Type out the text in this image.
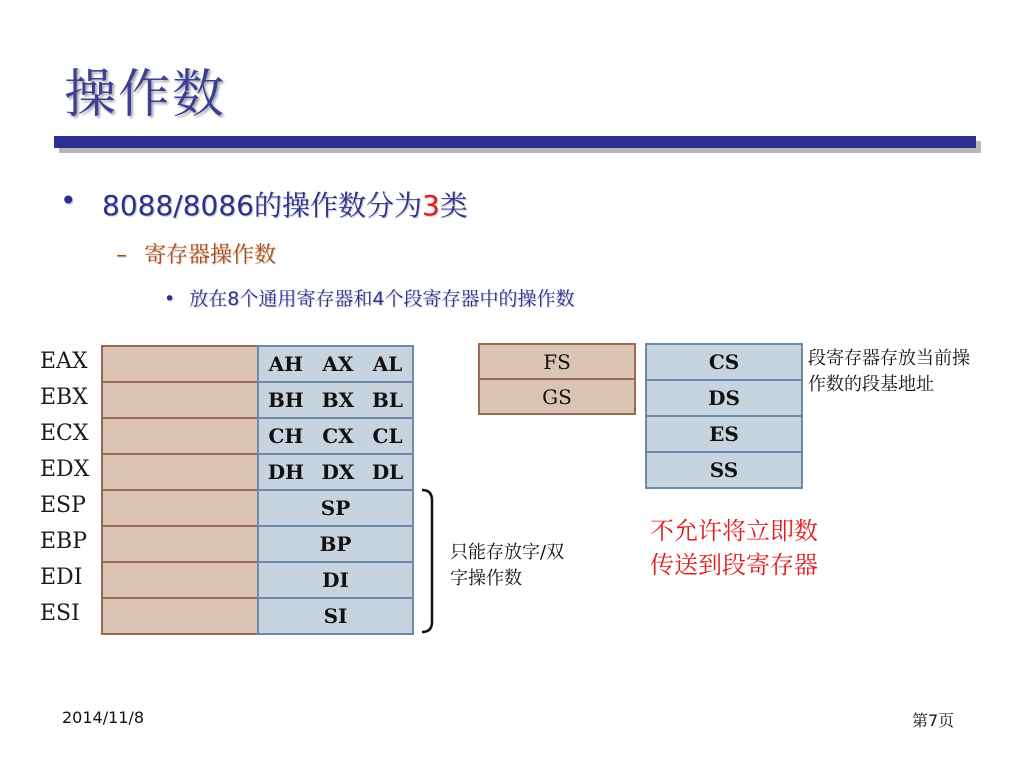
操作数
• 8088/8086的操作数分为3类
– 寄存器操作数
• 放在8个通用寄存器和4个段寄存器中的操作数
EAX	AH AX AL
EBX	BH BX BL
ECX	CH CX CL
EDX	DH DX DL
ESP	SP
EBP	BP
EDI	DI
ESI	SI
只能存放字/双
字操作数
FS
GS
CS
DS
ES
SS
段寄存器存放当前操
作数的段基地址
不允许将立即数
传送到段寄存器
2014/11/8	第7页
